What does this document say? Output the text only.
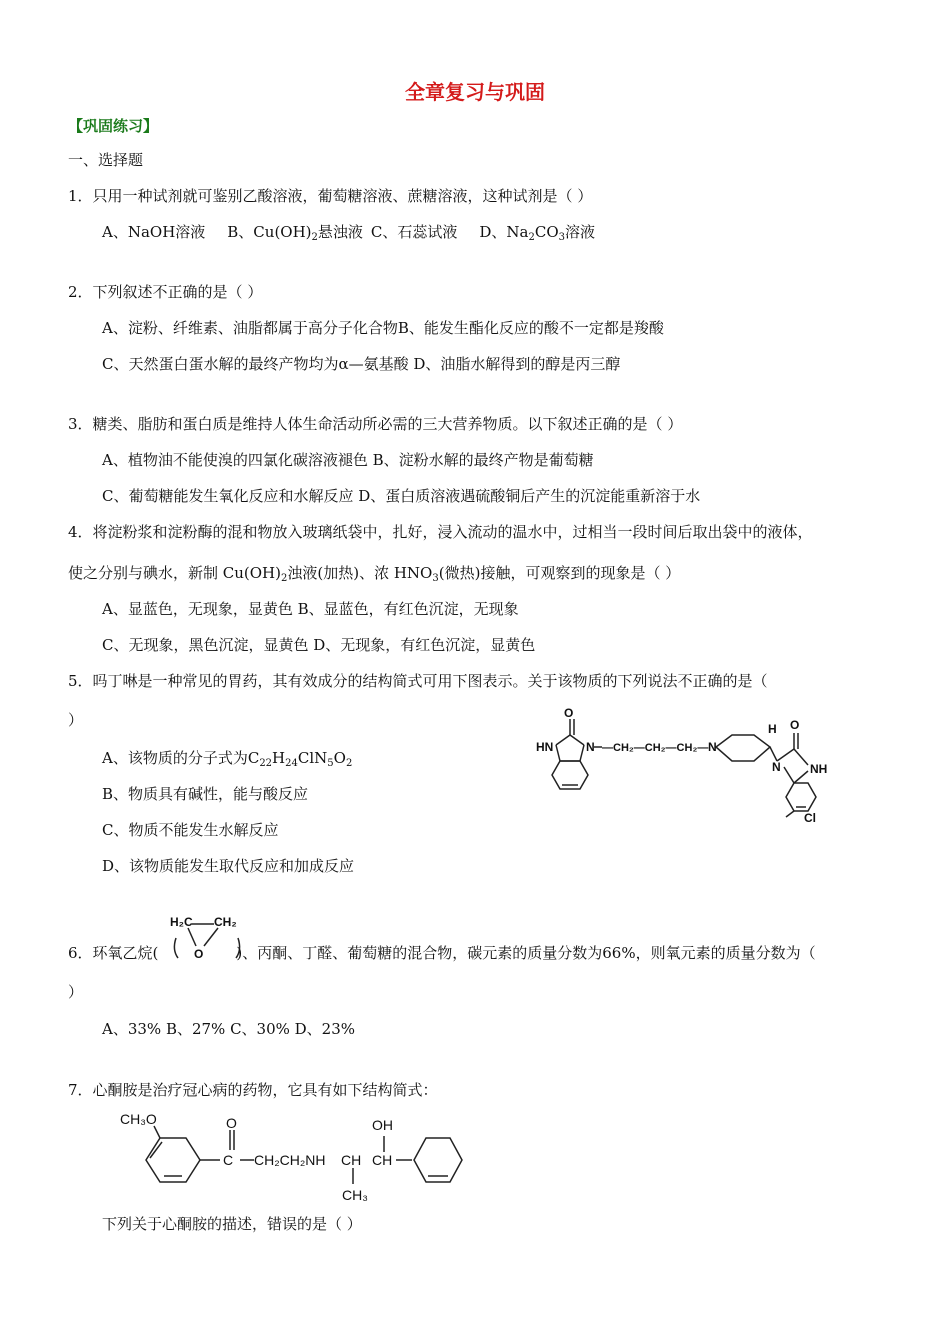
全章复习与巩固
【巩固练习】
一、选择题
1．只用一种试剂就可鉴别乙酸溶液，葡萄糖溶液、蔗糖溶液，这种试剂是（ ）
A、NaOH溶液 B、$Cu(OH)_2$悬浊液 C、石蕊试液 D、$Na_2CO_3$溶液
2．下列叙述不正确的是（ ）
A、淀粉、纤维素、油脂都属于高分子化合物B、能发生酯化反应的酸不一定都是羧酸
C、天然蛋白蛋水解的最终产物均为α—氨基酸 D、油脂水解得到的醇是丙三醇
3．糖类、脂肪和蛋白质是维持人体生命活动所必需的三大营养物质。以下叙述正确的是（ ）
A、植物油不能使溴的四氯化碳溶液褪色 B、淀粉水解的最终产物是葡萄糖
C、葡萄糖能发生氧化反应和水解反应 D、蛋白质溶液遇硫酸铜后产生的沉淀能重新溶于水
4．将淀粉浆和淀粉酶的混和物放入玻璃纸袋中，扎好，浸入流动的温水中，过相当一段时间后取出袋中的液体，
使之分别与碘水，新制 $Cu(OH)_2$浊液(加热)、浓 $HNO_3$(微热)接触，可观察到的现象是（ ）
A、显蓝色，无现象，显黄色 B、显蓝色，有红色沉淀，无现象
C、无现象，黑色沉淀，显黄色 D、无现象，有红色沉淀，显黄色
5．吗丁啉是一种常见的胃药，其有效成分的结构简式可用下图表示。关于该物质的下列说法不正确的是（
）
A、该物质的分子式为$C_{22}H_{24}ClN_5O_2$
B、物质具有碱性，能与酸反应
C、物质不能发生水解反应
D、该物质能发生取代反应和加成反应
O
HN	N —CH₂—CH₂—CH₂— N
H
N
O
NH
Cl
H₂C CH₂
O
6．环氧乙烷(	)、丙酮、丁醛、葡萄糖的混合物，碳元素的质量分数为66%，则氧元素的质量分数为（
）
A、33% B、27% C、30% D、23%
7．心酮胺是治疗冠心病的药物，它具有如下结构简式：
CH₃O	O
C CH₂CH₂NH CH CH
OH
CH₃
下列关于心酮胺的描述，错误的是（ ）
